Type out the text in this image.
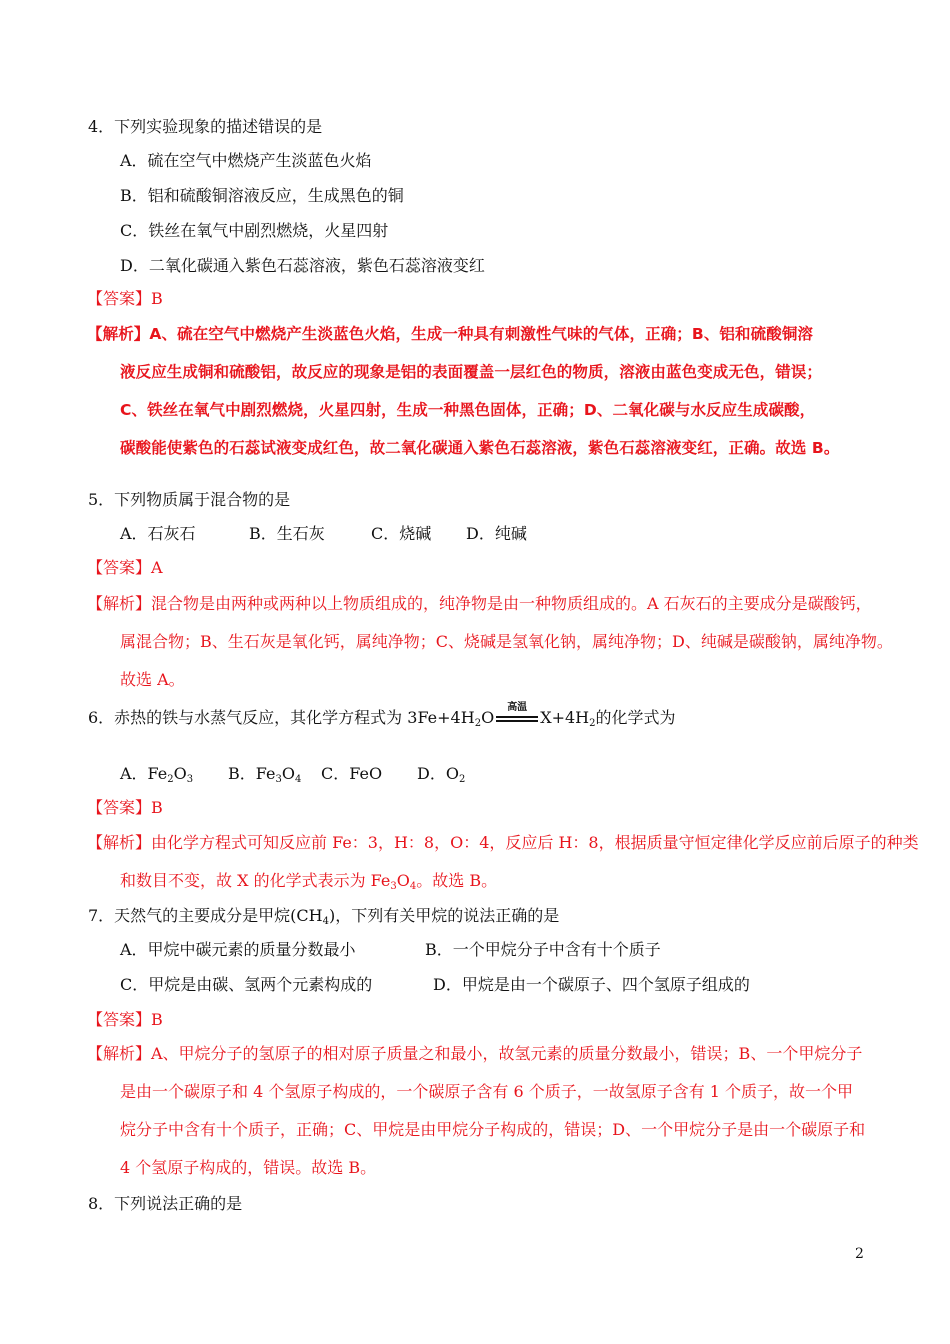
4．下列实验现象的描述错误的是
A．硫在空气中燃烧产生淡蓝色火焰
B．铝和硫酸铜溶液反应，生成黑色的铜
C．铁丝在氧气中剧烈燃烧，火星四射
D．二氧化碳通入紫色石蕊溶液，紫色石蕊溶液变红
【答案】B
【解析】A、硫在空气中燃烧产生淡蓝色火焰，生成一种具有刺激性气味的气体，正确；B、铝和硫酸铜溶
液反应生成铜和硫酸铝，故反应的现象是铝的表面覆盖一层红色的物质，溶液由蓝色变成无色，错误；
C、铁丝在氧气中剧烈燃烧，火星四射，生成一种黑色固体，正确；D、二氧化碳与水反应生成碳酸，
碳酸能使紫色的石蕊试液变成红色，故二氧化碳通入紫色石蕊溶液，紫色石蕊溶液变红，正确。故选 B。
5．下列物质属于混合物的是
A．石灰石	B．生石灰	C．烧碱 D．纯碱
【答案】A
【解析】混合物是由两种或两种以上物质组成的，纯净物是由一种物质组成的。A 石灰石的主要成分是碳酸钙，
属混合物；B、生石灰是氧化钙，属纯净物；C、烧碱是氢氧化钠，属纯净物；D、纯碱是碳酸钠，属纯净物。
故选 A。
6．赤热的铁与水蒸气反应，其化学方程式为 $3Fe+4H_2O$
高温
$X+4H_2$的化学式为
A．$Fe_2O_3$ B．$Fe_3O_4$ C．FeO D．$O_2$
【答案】B
【解析】由化学方程式可知反应前 Fe：3，H：8，O：4，反应后 H：8，根据质量守恒定律化学反应前后原子的种类
和数目不变，故 X 的化学式表示为 $Fe_3O_4$。故选 B。
7．天然气的主要成分是甲烷$(CH_4)$，下列有关甲烷的说法正确的是
A．甲烷中碳元素的质量分数最小	B．一个甲烷分子中含有十个质子
C．甲烷是由碳、氢两个元素构成的	D．甲烷是由一个碳原子、四个氢原子组成的
【答案】B
【解析】A、甲烷分子的氢原子的相对原子质量之和最小，故氢元素的质量分数最小，错误；B、一个甲烷分子
是由一个碳原子和 4 个氢原子构成的，一个碳原子含有 6 个质子，一故氢原子含有 1 个质子，故一个甲
烷分子中含有十个质子，正确；C、甲烷是由甲烷分子构成的，错误；D、一个甲烷分子是由一个碳原子和
4 个氢原子构成的，错误。故选 B。
8．下列说法正确的是
2
